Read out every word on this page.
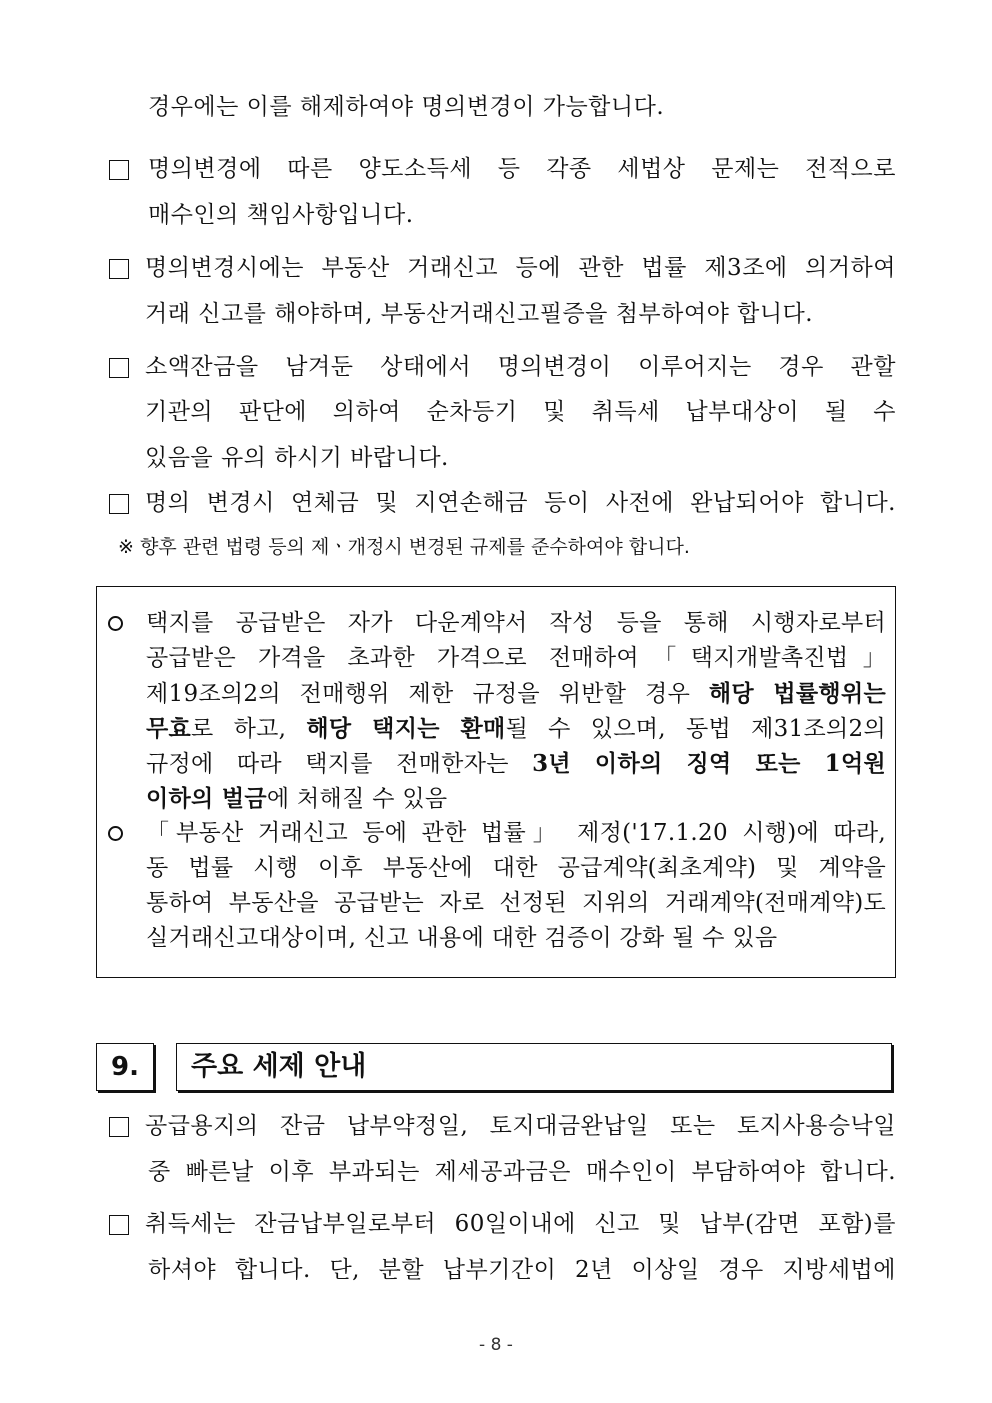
경우에는 이를 해제하여야 명의변경이 가능합니다.
명의변경에 따른 양도소득세 등 각종 세법상 문제는 전적으로
매수인의 책임사항입니다.
명의변경시에는 부동산 거래신고 등에 관한 법률 제3조에 의거하여
거래 신고를 해야하며, 부동산거래신고필증을 첨부하여야 합니다.
소액잔금을 남겨둔 상태에서 명의변경이 이루어지는 경우 관할
기관의 판단에 의하여 순차등기 및 취득세 납부대상이 될 수
있음을 유의 하시기 바랍니다.
명의 변경시 연체금 및 지연손해금 등이 사전에 완납되어야 합니다.
※ 향후 관련 법령 등의 제ㆍ개정시 변경된 규제를 준수하여야 합니다.
택지를 공급받은 자가 다운계약서 작성 등을 통해 시행자로부터
공급받은 가격을 초과한 가격으로 전매하여「택지개발촉진법」
제19조의2의 전매행위 제한 규정을 위반할 경우 해당 법률행위는
무효로 하고, 해당 택지는 환매될 수 있으며, 동법 제31조의2의
규정에 따라 택지를 전매한자는 3년 이하의 징역 또는 1억원
이하의 벌금에 처해질 수 있음
「부동산 거래신고 등에 관한 법률」 제정('17.1.20 시행)에 따라,
동 법률 시행 이후 부동산에 대한 공급계약(최초계약) 및 계약을
통하여 부동산을 공급받는 자로 선정된 지위의 거래계약(전매계약)도
실거래신고대상이며, 신고 내용에 대한 검증이 강화 될 수 있음
9.	주요 세제 안내
공급용지의 잔금 납부약정일, 토지대금완납일 또는 토지사용승낙일
중 빠른날 이후 부과되는 제세공과금은 매수인이 부담하여야 합니다.
취득세는 잔금납부일로부터 60일이내에 신고 및 납부(감면 포함)를
하셔야 합니다. 단, 분할 납부기간이 2년 이상일 경우 지방세법에
- 8 -
